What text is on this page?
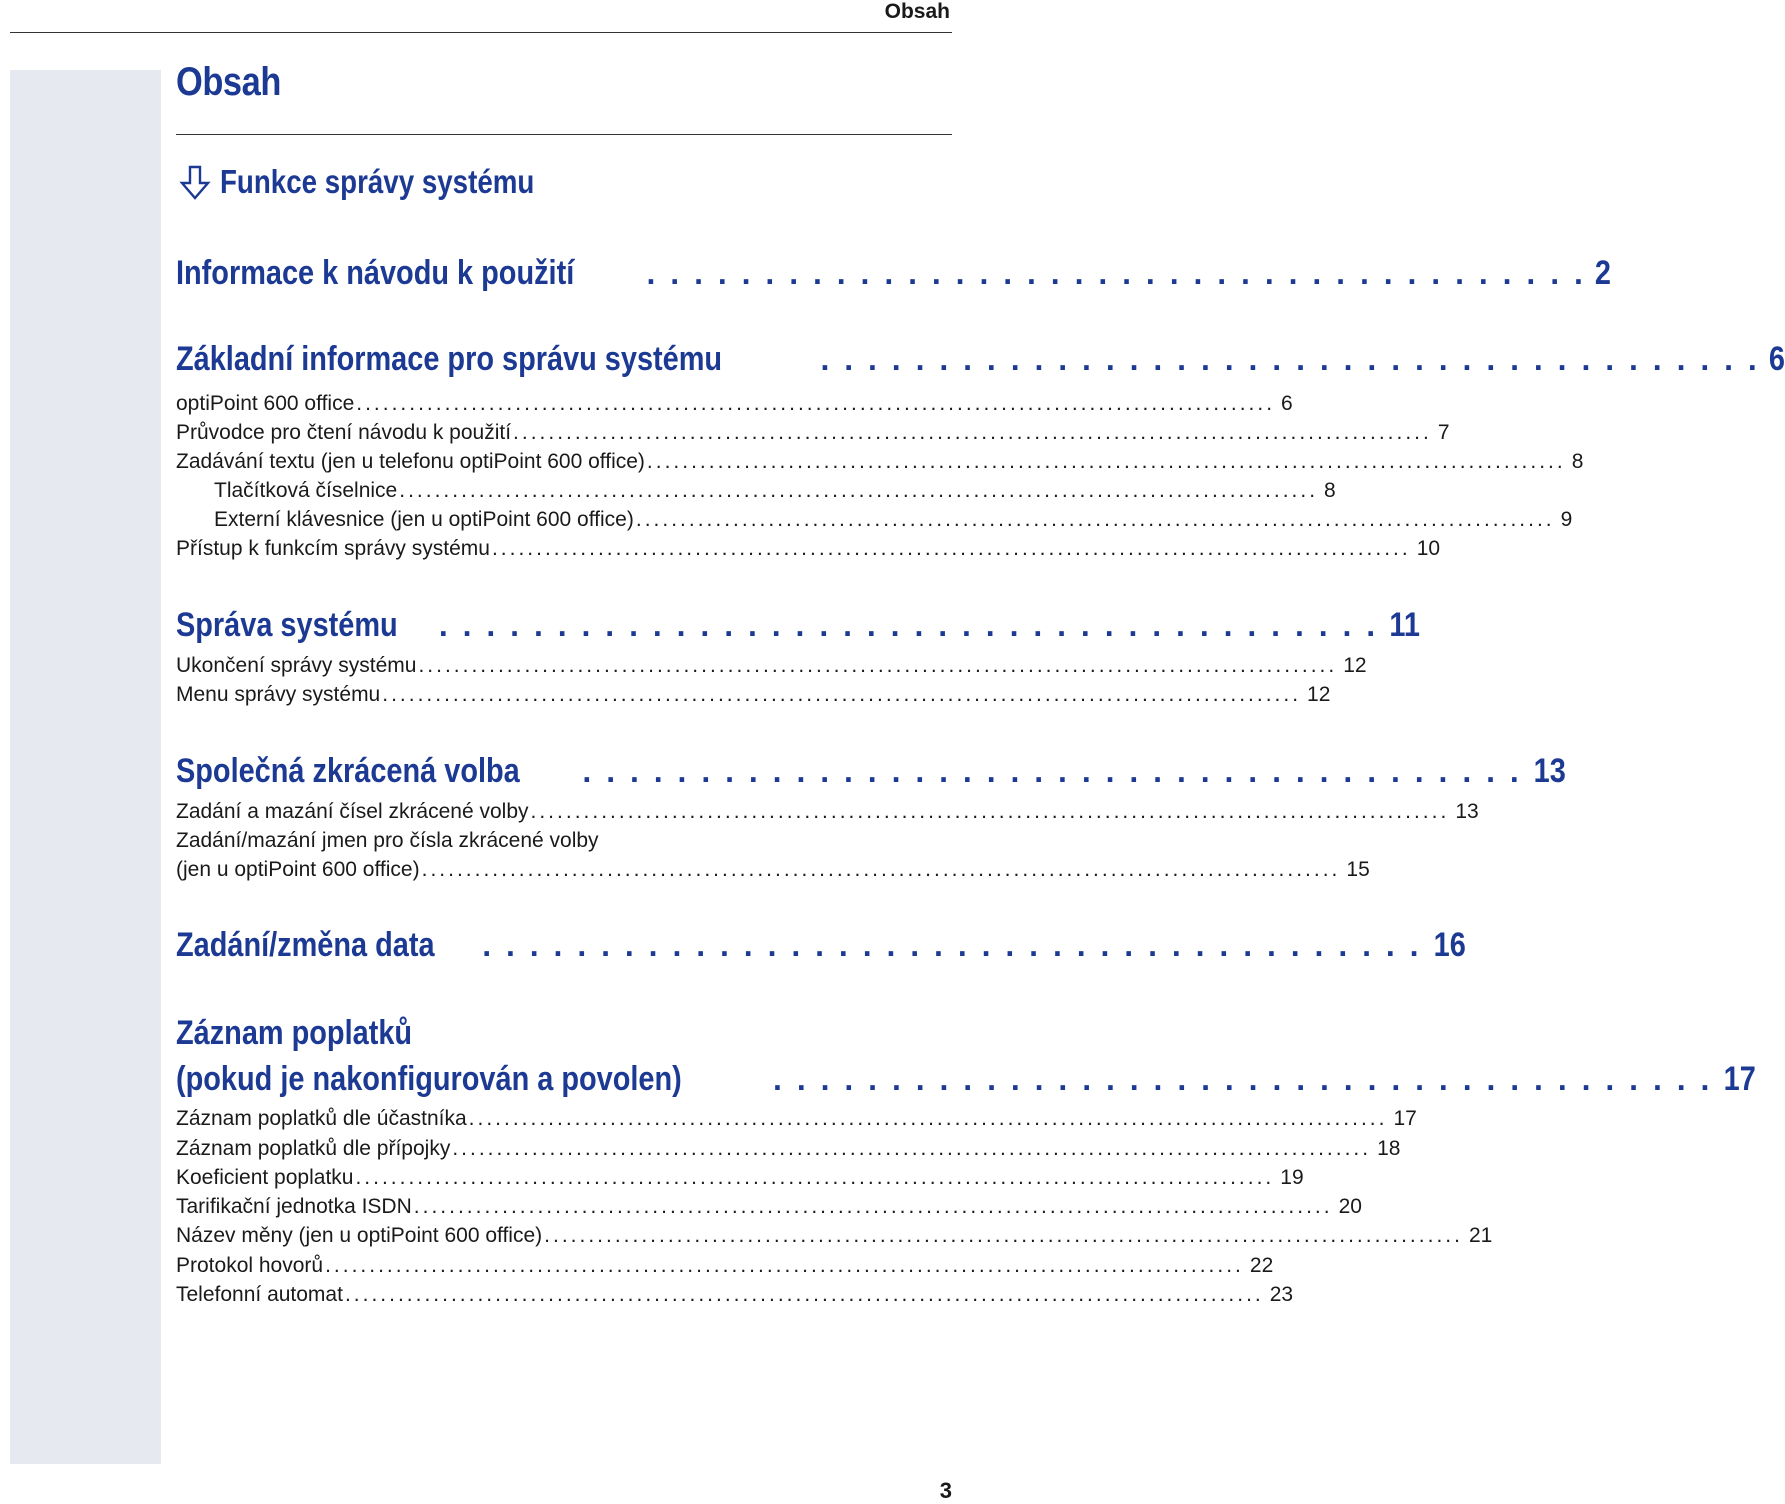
Obsah
Obsah
Funkce správy systému
Informace k návodu k použití . . . . . . . . . . . . . . . . . . . . . . . . . . . . . . . . . . . . . . . . 2
Základní informace pro správu systému	. . . . . . . . . . . . . . . . . . . . . . . . . . . . . . . . . . . . . . . . 6
optiPoint 600 office ........................................................................................................ 6
Průvodce pro čtení návodu k použití ........................................................................................................ 7
Zadávání textu (jen u telefonu optiPoint 600 office) ........................................................................................................ 8
Tlačítková číselnice ........................................................................................................ 8
Externí klávesnice (jen u optiPoint 600 office) ........................................................................................................ 9
Přístup k funkcím správy systému ........................................................................................................ 10
Správa systému . . . . . . . . . . . . . . . . . . . . . . . . . . . . . . . . . . . . . . . . 11
Ukončení správy systému ........................................................................................................ 12
Menu správy systému ........................................................................................................ 12
Společná zkrácená volba . . . . . . . . . . . . . . . . . . . . . . . . . . . . . . . . . . . . . . . . 13
Zadání a mazání čísel zkrácené volby ........................................................................................................ 13
Zadání/mazání jmen pro čísla zkrácené volby
(jen u optiPoint 600 office) ........................................................................................................ 15
Zadání/změna data . . . . . . . . . . . . . . . . . . . . . . . . . . . . . . . . . . . . . . . . 16
Záznam poplatků
(pokud je nakonfigurován a povolen)	. . . . . . . . . . . . . . . . . . . . . . . . . . . . . . . . . . . . . . . . 17
Záznam poplatků dle účastníka ........................................................................................................ 17
Záznam poplatků dle přípojky ........................................................................................................ 18
Koeficient poplatku ........................................................................................................ 19
Tarifikační jednotka ISDN ........................................................................................................ 20
Název měny (jen u optiPoint 600 office) ........................................................................................................ 21
Protokol hovorů ........................................................................................................ 22
Telefonní automat ........................................................................................................ 23
3
